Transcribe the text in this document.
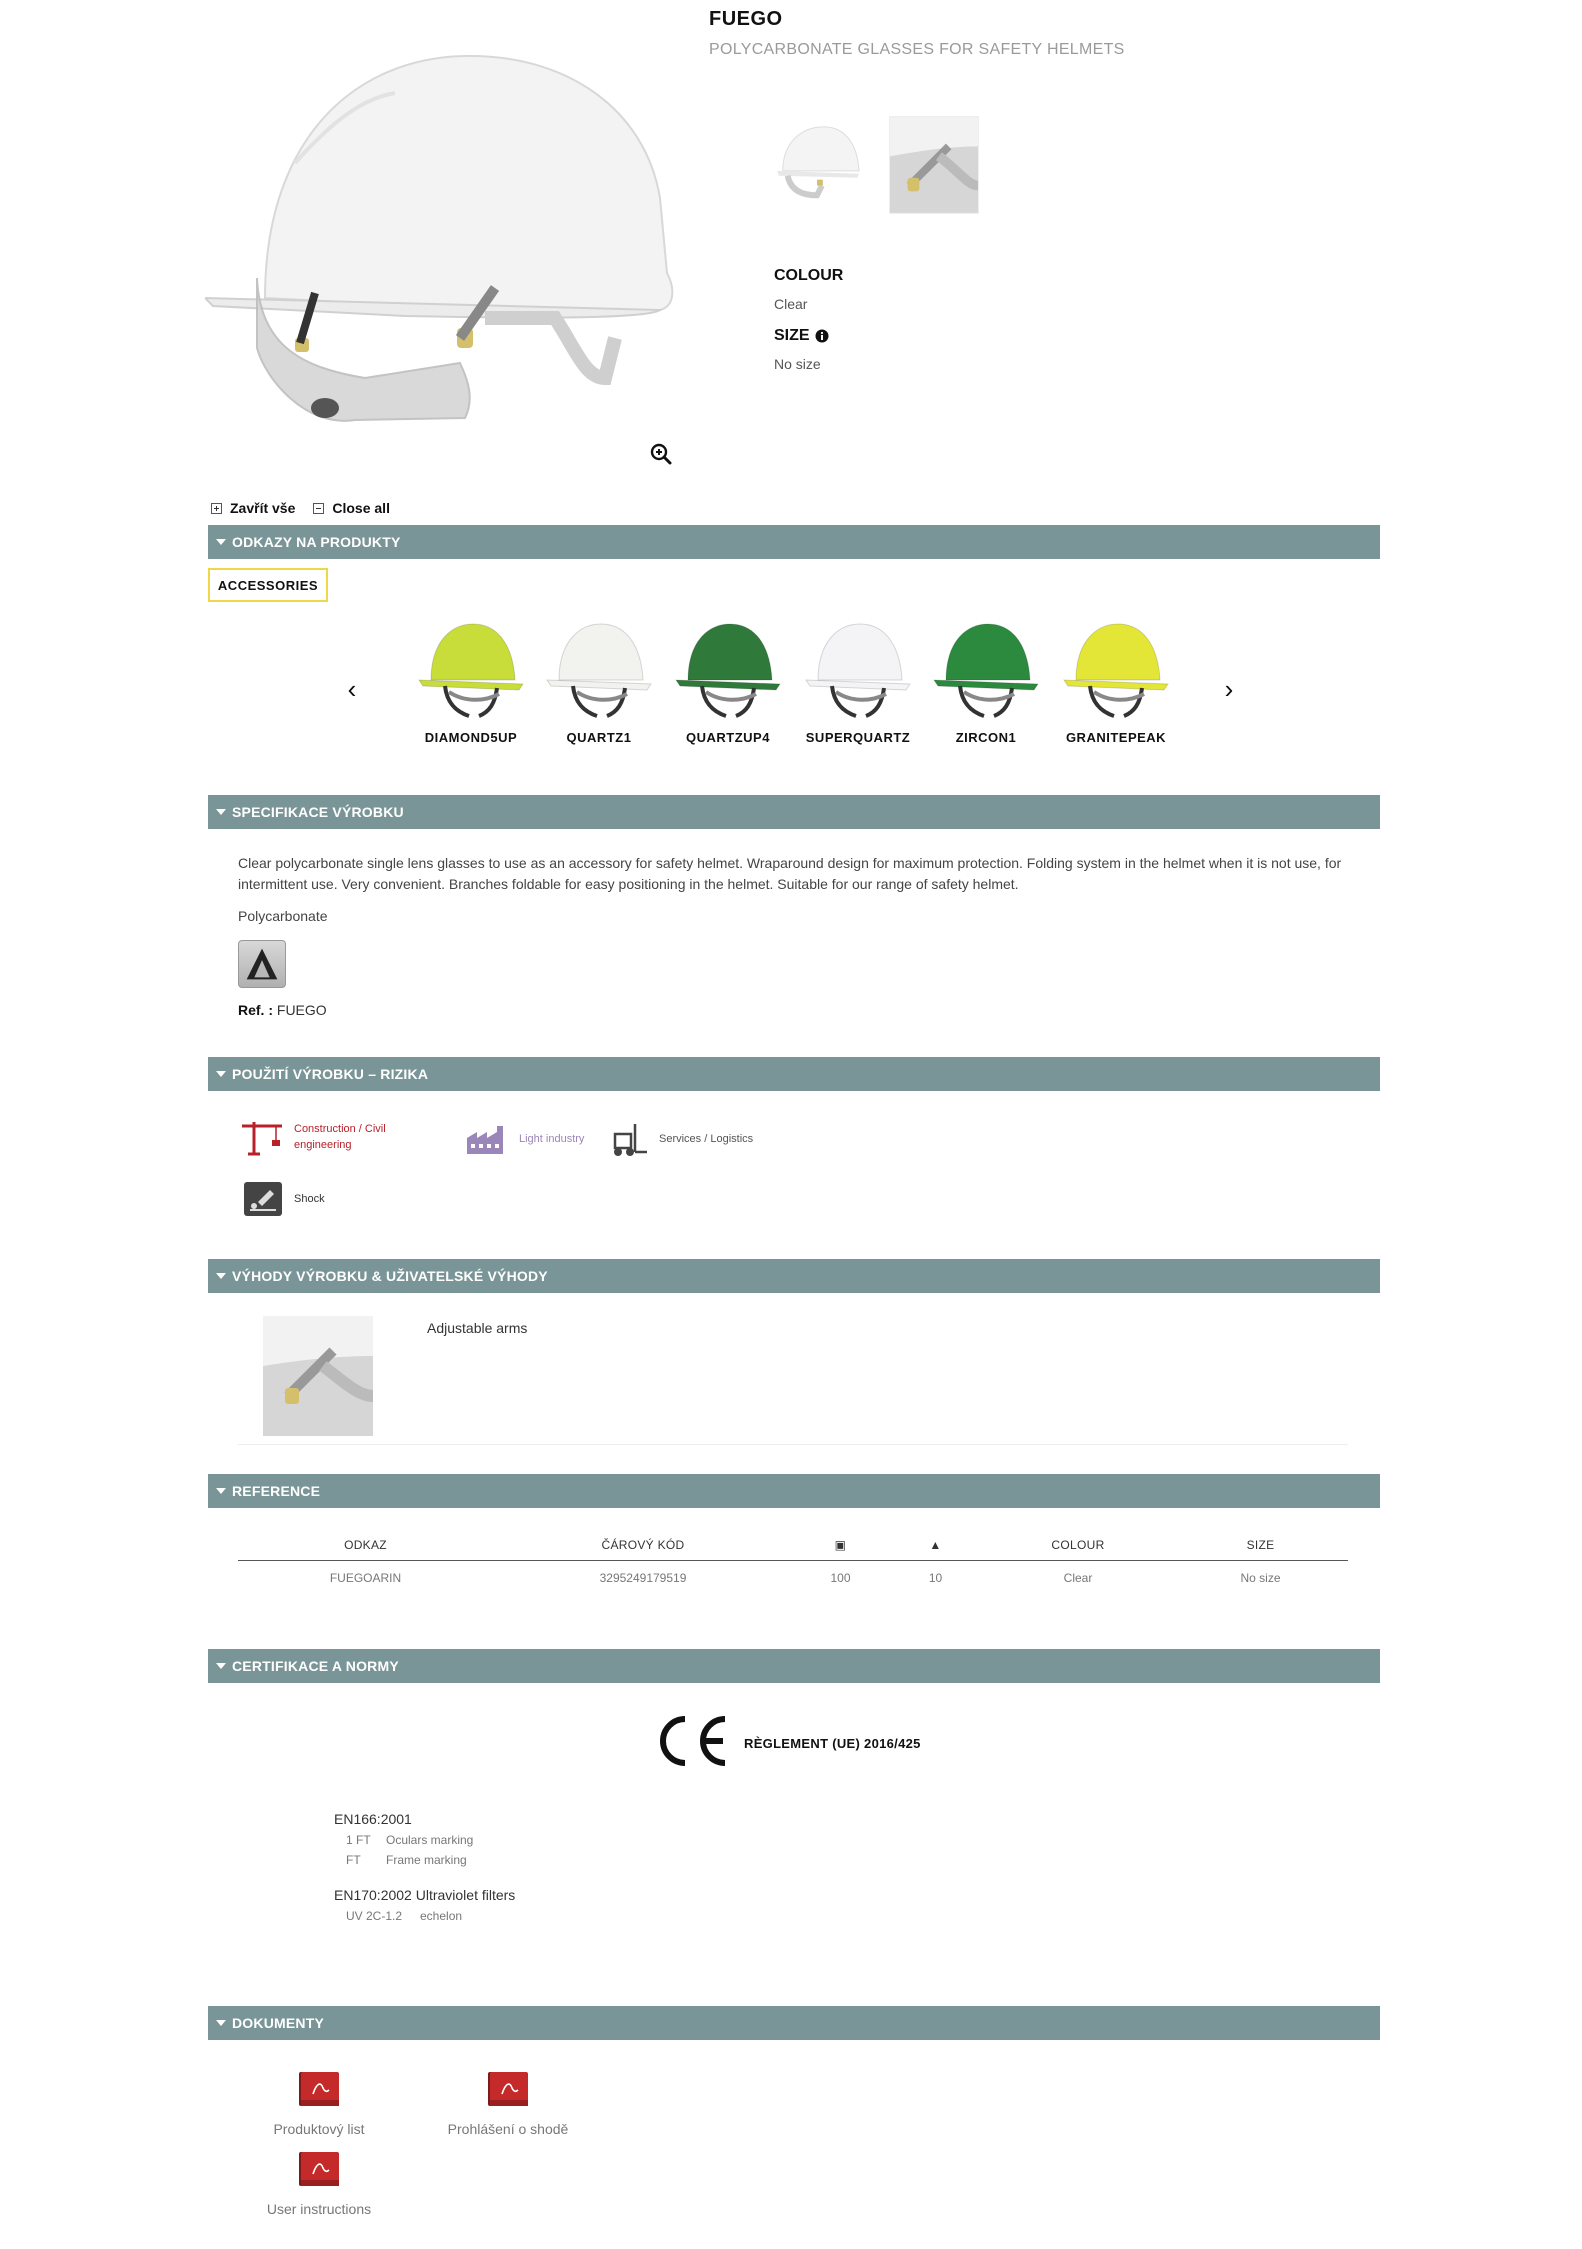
FUEGO
POLYCARBONATE GLASSES FOR SAFETY HELMETS
COLOUR
Clear
SIZE
No size
Zavřít vše	Close all
ODKAZY NA PRODUKTY
ACCESSORIES
‹	›
DIAMOND5UP	QUARTZ1	QUARTZUP4	SUPERQUARTZ	ZIRCON1	GRANITEPEAK
SPECIFIKACE VÝROBKU
Clear polycarbonate single lens glasses to use as an accessory for safety helmet. Wraparound design for maximum protection. Folding system in the helmet when it is not use, for intermittent use. Very convenient. Branches foldable for easy positioning in the helmet. Suitable for our range of safety helmet.
Polycarbonate
Ref. : FUEGO
POUŽITÍ VÝROBKU – RIZIKA
Construction / Civil engineering	Light industry	Services / Logistics
Shock
VÝHODY VÝROBKU & UŽIVATELSKÉ VÝHODY
Adjustable arms
REFERENCE
ODKAZ	ČÁROVÝ KÓD	▣	▲	COLOUR	SIZE
FUEGOARIN	3295249179519	100	10	Clear	No size
CERTIFIKACE A NORMY
RÈGLEMENT (UE) 2016/425
EN166:2001
1 FT	Oculars marking
FT	Frame marking
EN170:2002 Ultraviolet filters
UV 2C-1.2	echelon
DOKUMENTY
Produktový list	Prohlášení o shodě
User instructions
